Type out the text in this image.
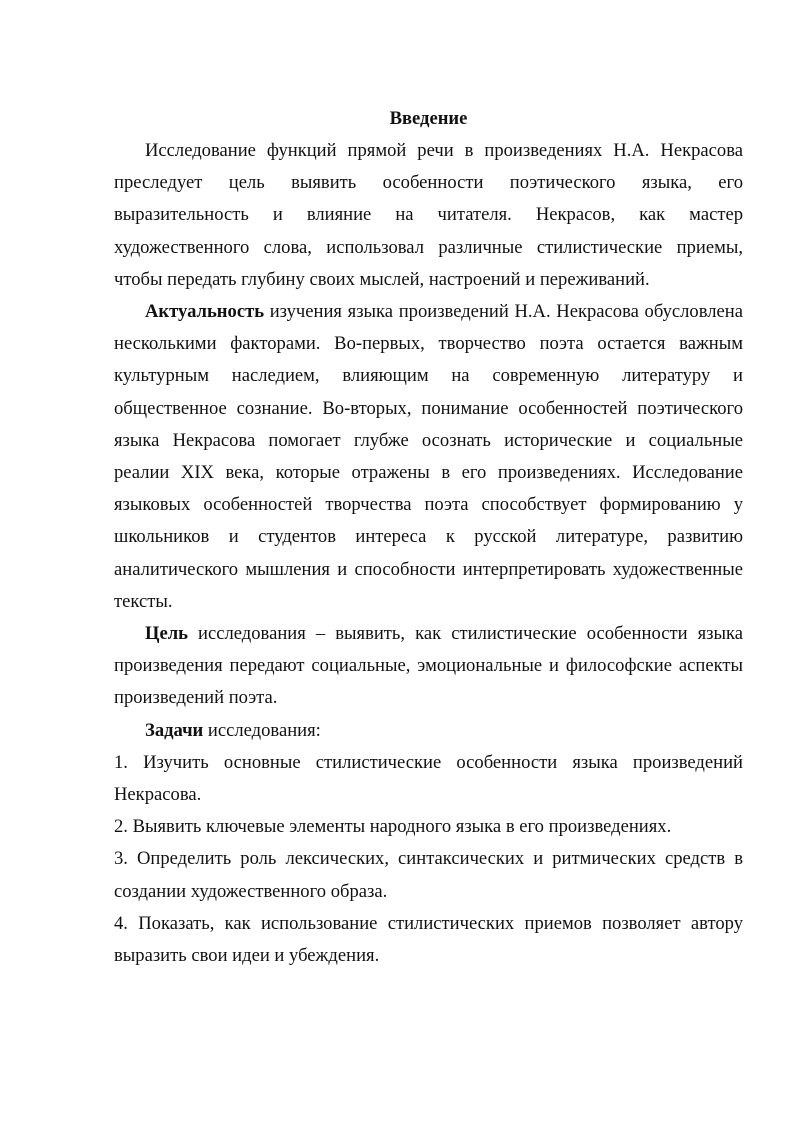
Введение

Исследование функций прямой речи в произведениях Н.А. Некрасова преследует цель выявить особенности поэтического языка, его выразительность и влияние на читателя. Некрасов, как мастер художественного слова, использовал различные стилистические приемы, чтобы передать глубину своих мыслей, настроений и переживаний.

Актуальность изучения языка произведений Н.А. Некрасова обусловлена несколькими факторами. Во-первых, творчество поэта остается важным культурным наследием, влияющим на современную литературу и общественное сознание. Во-вторых, понимание особенностей поэтического языка Некрасова помогает глубже осознать исторические и социальные реалии XIX века, которые отражены в его произведениях. Исследование языковых особенностей творчества поэта способствует формированию у школьников и студентов интереса к русской литературе, развитию аналитического мышления и способности интерпретировать художественные тексты.

Цель исследования – выявить, как стилистические особенности языка произведения передают социальные, эмоциональные и философские аспекты произведений поэта.

Задачи исследования:

1. Изучить основные стилистические особенности языка произведений Некрасова.

2. Выявить ключевые элементы народного языка в его произведениях.

3. Определить роль лексических, синтаксических и ритмических средств в создании художественного образа.

4. Показать, как использование стилистических приемов позволяет автору выразить свои идеи и убеждения.
